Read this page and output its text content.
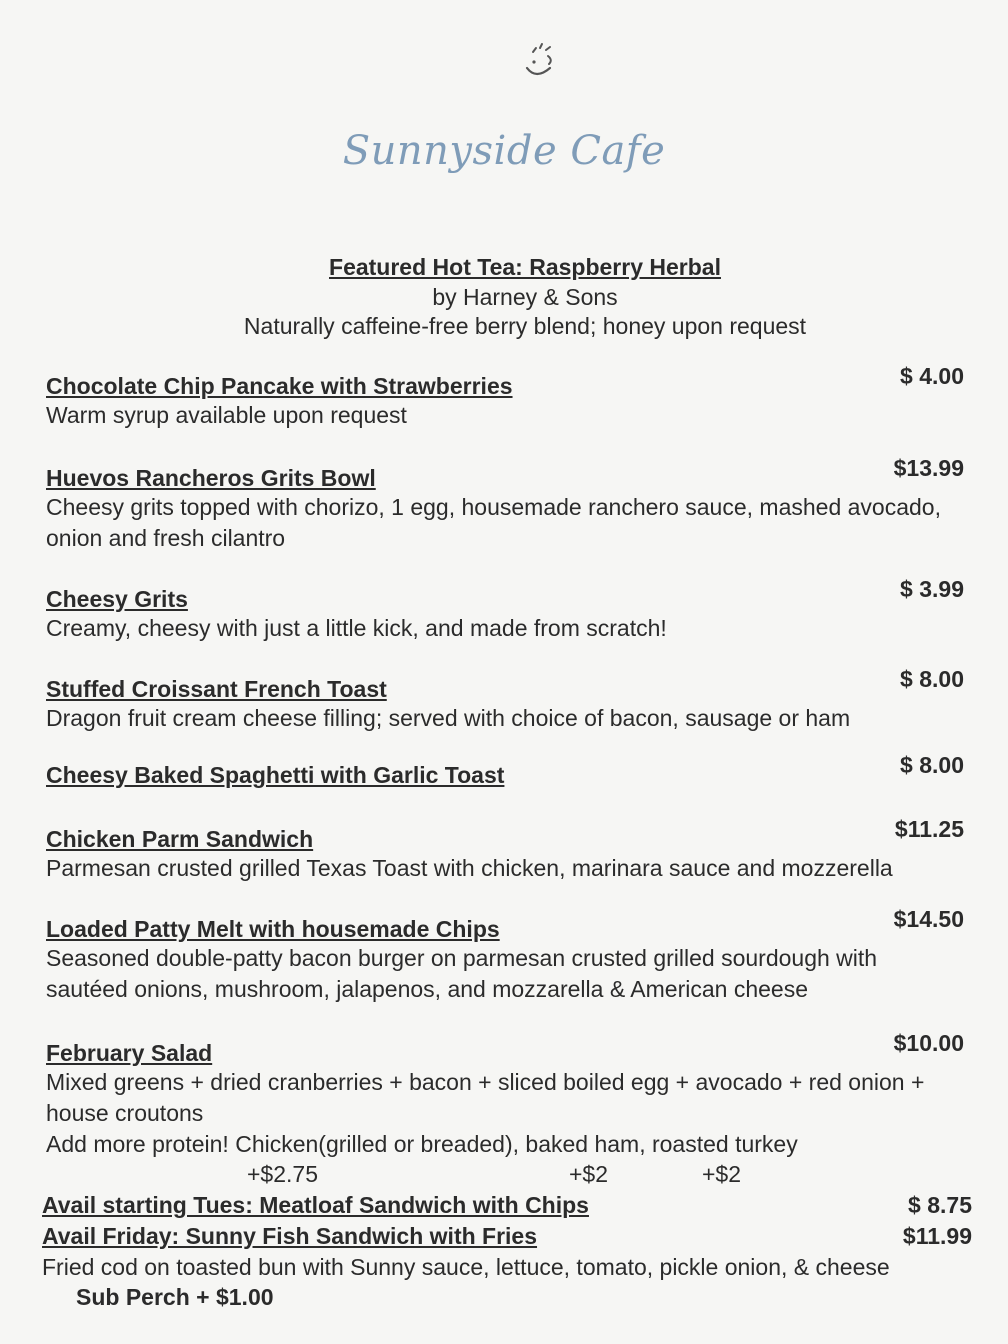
Sunnyside Cafe
Featured Hot Tea: Raspberry Herbal
by Harney & Sons
Naturally caffeine-free berry blend; honey upon request
Chocolate Chip Pancake with Strawberries	$ 4.00
Warm syrup available upon request
Huevos Rancheros Grits Bowl	$13.99
Cheesy grits topped with chorizo, 1 egg, housemade ranchero sauce, mashed avocado,
onion and fresh cilantro
Cheesy Grits	$ 3.99
Creamy, cheesy with just a little kick, and made from scratch!
Stuffed Croissant French Toast	$ 8.00
Dragon fruit cream cheese filling; served with choice of bacon, sausage or ham
Cheesy Baked Spaghetti with Garlic Toast	$ 8.00
Chicken Parm Sandwich	$11.25
Parmesan crusted grilled Texas Toast with chicken, marinara sauce and mozzerella
Loaded Patty Melt with housemade Chips	$14.50
Seasoned double-patty bacon burger on parmesan crusted grilled sourdough with
sautéed onions, mushroom, jalapenos, and mozzarella & American cheese
February Salad	$10.00
Mixed greens + dried cranberries + bacon + sliced boiled egg + avocado + red onion +
house croutons
Add more protein! Chicken(grilled or breaded), baked ham, roasted turkey
+$2.75	+$2	+$2
Avail starting Tues: Meatloaf Sandwich with Chips	$ 8.75
Avail Friday: Sunny Fish Sandwich with Fries	$11.99
Fried cod on toasted bun with Sunny sauce, lettuce, tomato, pickle onion, & cheese
Sub Perch + $1.00
